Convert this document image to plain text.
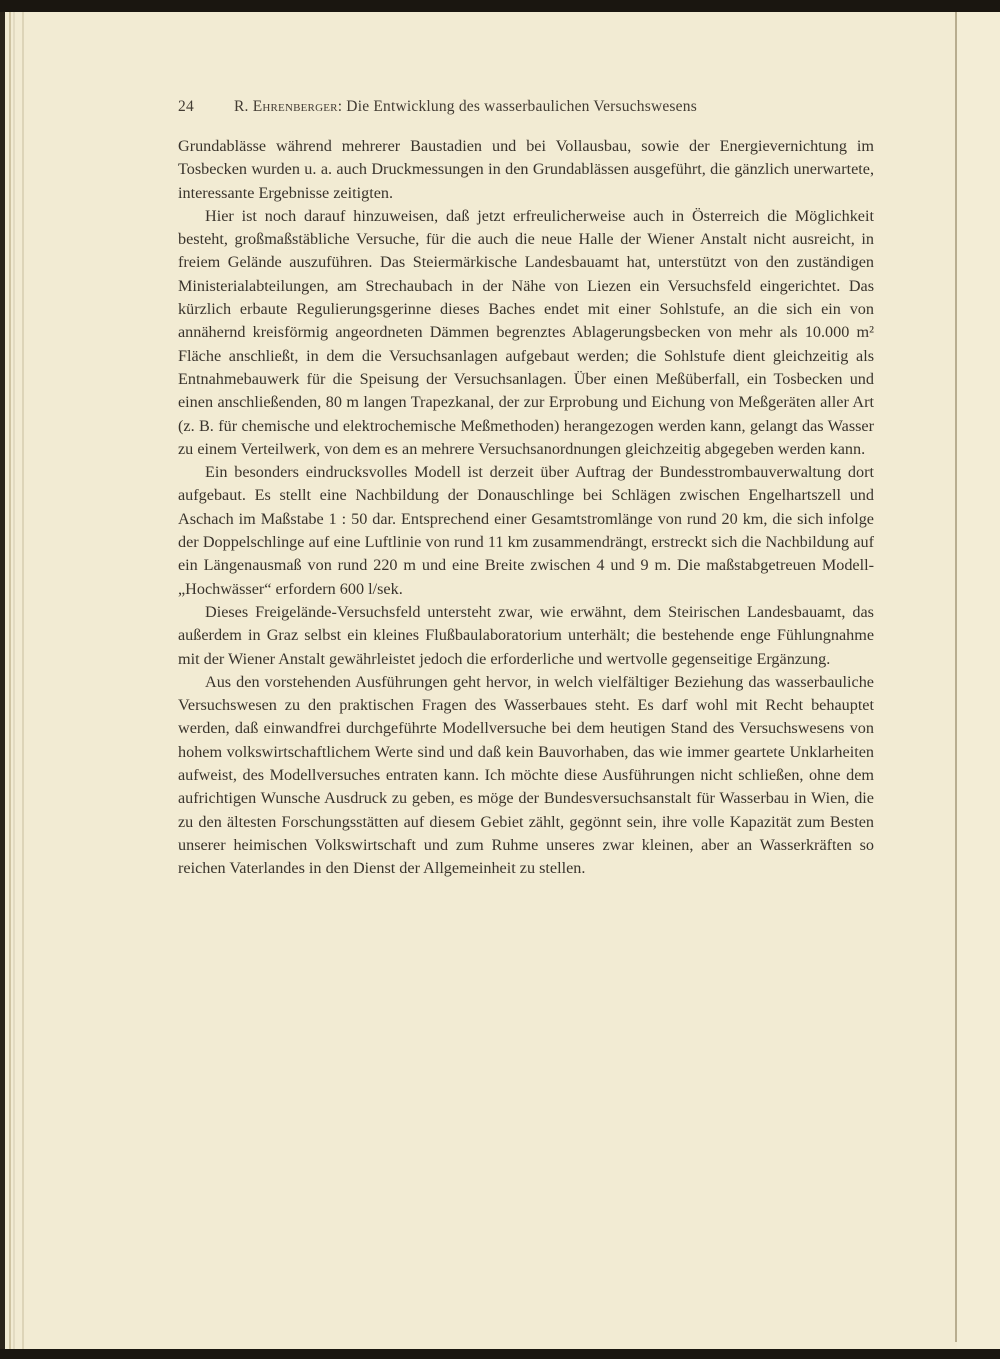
24	R. Ehrenberger: Die Entwicklung des wasserbaulichen Versuchswesens

Grundablässe während mehrerer Baustadien und bei Vollausbau, sowie der Energievernichtung im Tosbecken wurden u. a. auch Druckmessungen in den Grundablässen ausgeführt, die gänzlich unerwartete, interessante Ergebnisse zeitigten.

Hier ist noch darauf hinzuweisen, daß jetzt erfreulicherweise auch in Österreich die Möglichkeit besteht, großmaßstäbliche Versuche, für die auch die neue Halle der Wiener Anstalt nicht ausreicht, in freiem Gelände auszuführen. Das Steiermärkische Landesbauamt hat, unterstützt von den zuständigen Ministerialabteilungen, am Strechaubach in der Nähe von Liezen ein Versuchsfeld eingerichtet. Das kürzlich erbaute Regulierungsgerinne dieses Baches endet mit einer Sohlstufe, an die sich ein von annähernd kreisförmig angeordneten Dämmen begrenztes Ablagerungsbecken von mehr als 10.000 m² Fläche anschließt, in dem die Versuchsanlagen aufgebaut werden; die Sohlstufe dient gleichzeitig als Entnahmebauwerk für die Speisung der Versuchsanlagen. Über einen Meßüberfall, ein Tosbecken und einen anschließenden, 80 m langen Trapezkanal, der zur Erprobung und Eichung von Meßgeräten aller Art (z. B. für chemische und elektrochemische Meßmethoden) herangezogen werden kann, gelangt das Wasser zu einem Verteilwerk, von dem es an mehrere Versuchsanordnungen gleichzeitig abgegeben werden kann.

Ein besonders eindrucksvolles Modell ist derzeit über Auftrag der Bundesstrombauverwaltung dort aufgebaut. Es stellt eine Nachbildung der Donauschlinge bei Schlägen zwischen Engelhartszell und Aschach im Maßstabe 1 : 50 dar. Entsprechend einer Gesamtstromlänge von rund 20 km, die sich infolge der Doppelschlinge auf eine Luftlinie von rund 11 km zusammendrängt, erstreckt sich die Nachbildung auf ein Längenausmaß von rund 220 m und eine Breite zwischen 4 und 9 m. Die maßstabgetreuen Modell-„Hochwässer“ erfordern 600 l/sek.

Dieses Freigelände-Versuchsfeld untersteht zwar, wie erwähnt, dem Steirischen Landesbauamt, das außerdem in Graz selbst ein kleines Flußbaulaboratorium unterhält; die bestehende enge Fühlungnahme mit der Wiener Anstalt gewährleistet jedoch die erforderliche und wertvolle gegenseitige Ergänzung.

Aus den vorstehenden Ausführungen geht hervor, in welch vielfältiger Beziehung das wasserbauliche Versuchswesen zu den praktischen Fragen des Wasserbaues steht. Es darf wohl mit Recht behauptet werden, daß einwandfrei durchgeführte Modellversuche bei dem heutigen Stand des Versuchswesens von hohem volkswirtschaftlichem Werte sind und daß kein Bauvorhaben, das wie immer geartete Unklarheiten aufweist, des Modellversuches entraten kann. Ich möchte diese Ausführungen nicht schließen, ohne dem aufrichtigen Wunsche Ausdruck zu geben, es möge der Bundesversuchsanstalt für Wasserbau in Wien, die zu den ältesten Forschungsstätten auf diesem Gebiet zählt, gegönnt sein, ihre volle Kapazität zum Besten unserer heimischen Volkswirtschaft und zum Ruhme unseres zwar kleinen, aber an Wasserkräften so reichen Vaterlandes in den Dienst der Allgemeinheit zu stellen.
